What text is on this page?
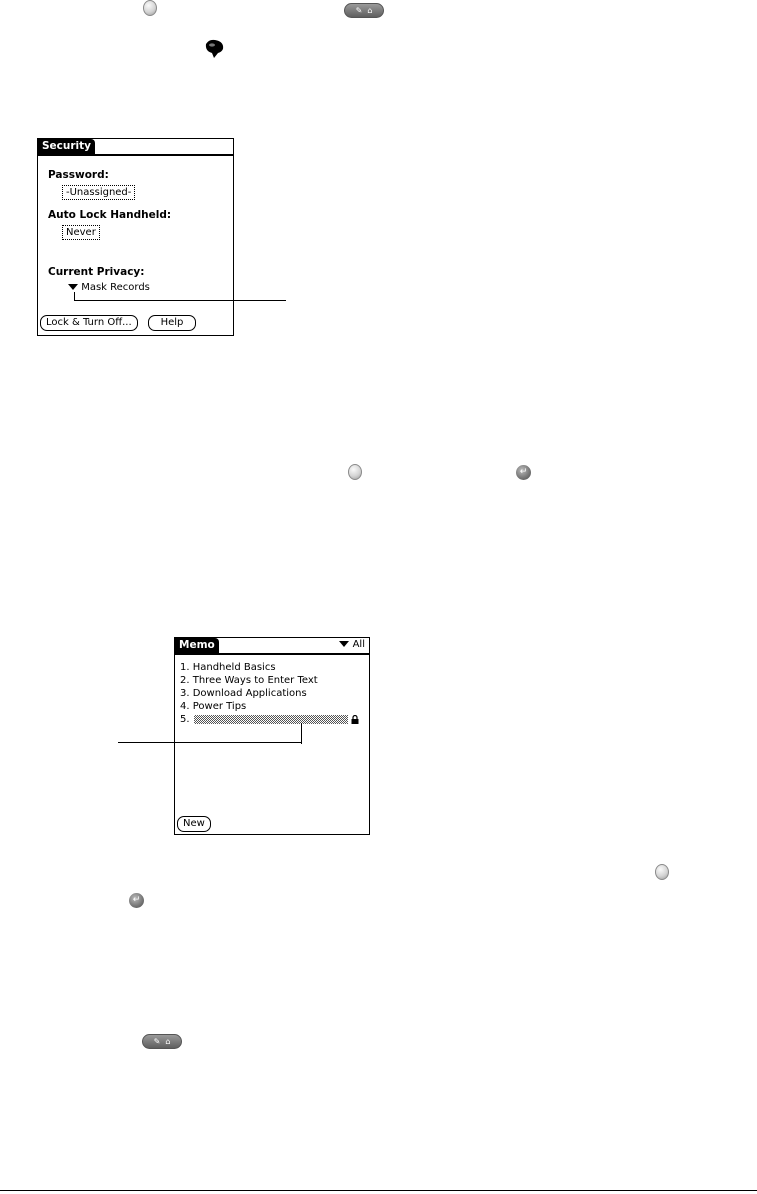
✎ ⌂
Security
Password:
-Unassigned-
Auto Lock Handheld:
Never
Current Privacy:
Mask Records
Lock & Turn Off...	Help
↵
Memo	All
1. Handheld Basics
2. Three Ways to Enter Text
3. Download Applications
4. Power Tips
5.
New
↵
✎ ⌂
